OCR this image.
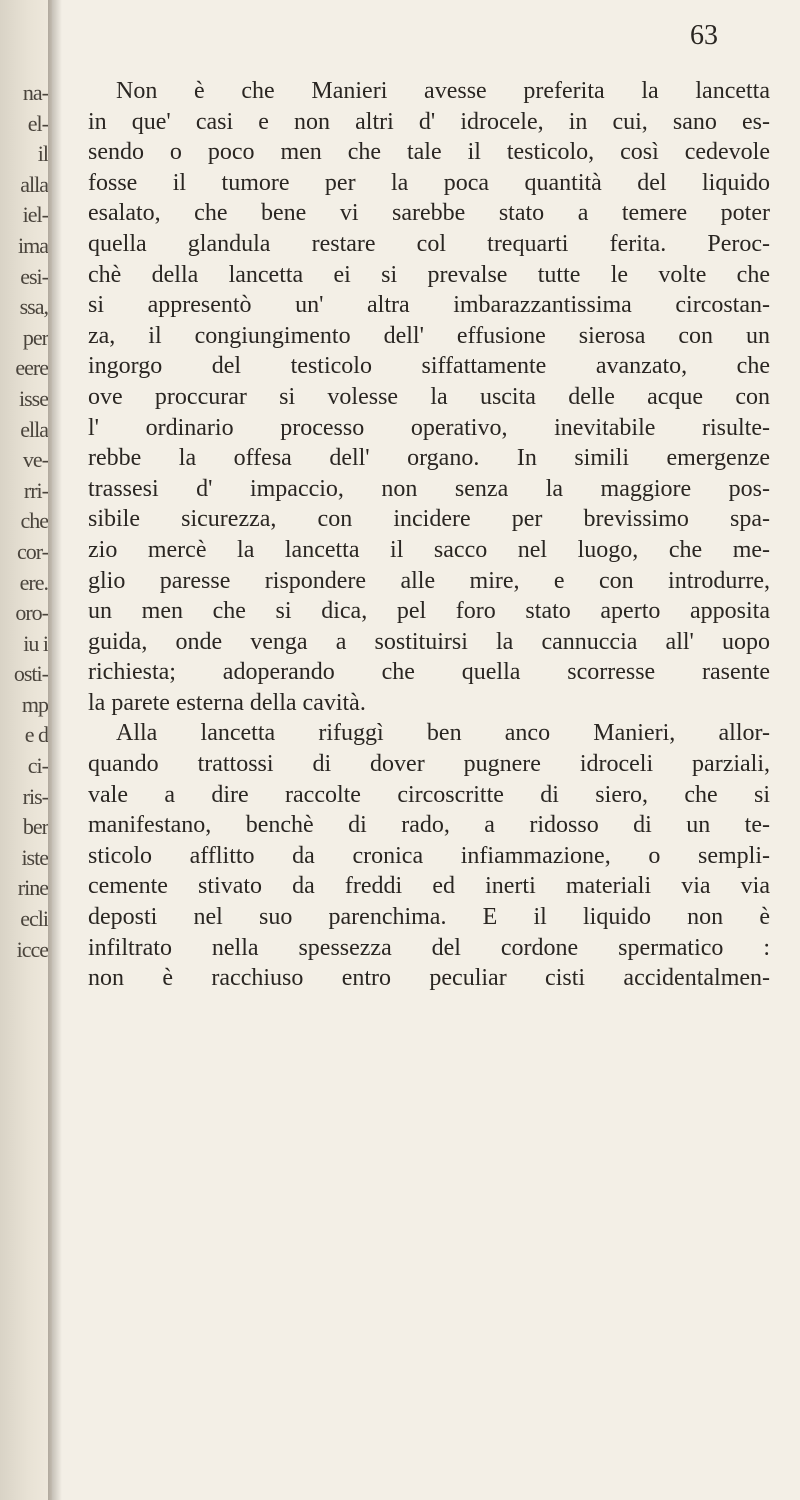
na-
el-
il
alla
iel-
ima
esi-
ssa,
per
eere
isse
ella
ve-
rri-
che
cor-
ere.
oro-
iu i
osti-
mp
e d
ci-
ris-
ber
iste
rine
ecli
icce
63
Non è che Manieri avesse preferita la lancetta
in que' casi e non altri d' idrocele, in cui, sano es-
sendo o poco men che tale il testicolo, così cedevole
fosse il tumore per la poca quantità del liquido
esalato, che bene vi sarebbe stato a temere poter
quella glandula restare col trequarti ferita. Peroc-
chè della lancetta ei si prevalse tutte le volte che
si appresentò un' altra imbarazzantissima circostan-
za, il congiungimento dell' effusione sierosa con un
ingorgo del testicolo siffattamente avanzato, che
ove proccurar si volesse la uscita delle acque con
l' ordinario processo operativo, inevitabile risulte-
rebbe la offesa dell' organo. In simili emergenze
trassesi d' impaccio, non senza la maggiore pos-
sibile sicurezza, con incidere per brevissimo spa-
zio mercè la lancetta il sacco nel luogo, che me-
glio paresse rispondere alle mire, e con introdurre,
un men che si dica, pel foro stato aperto apposita
guida, onde venga a sostituirsi la cannuccia all' uopo
richiesta; adoperando che quella scorresse rasente
la parete esterna della cavità.
Alla lancetta rifuggì ben anco Manieri, allor-
quando trattossi di dover pugnere idroceli parziali,
vale a dire raccolte circoscritte di siero, che si
manifestano, benchè di rado, a ridosso di un te-
sticolo afflitto da cronica infiammazione, o sempli-
cemente stivato da freddi ed inerti materiali via via
deposti nel suo parenchima. E il liquido non è
infiltrato nella spessezza del cordone spermatico :
non è racchiuso entro peculiar cisti accidentalmen-
